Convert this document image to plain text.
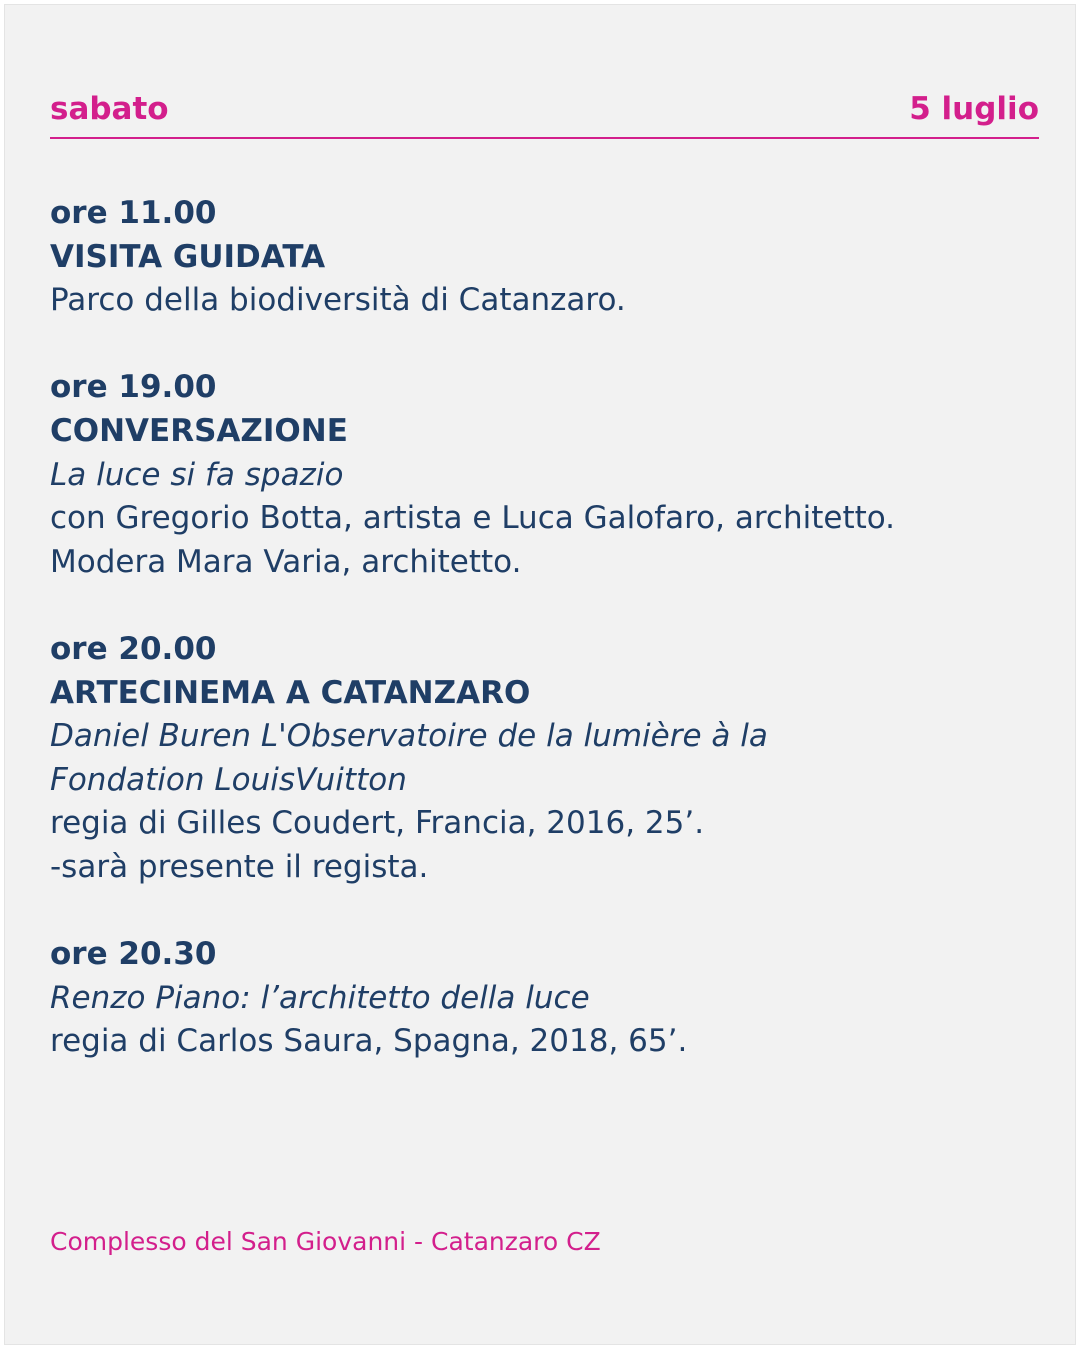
sabato	5 luglio
ore 11.00
VISITA GUIDATA
Parco della biodiversità di Catanzaro.
ore 19.00
CONVERSAZIONE
La luce si fa spazio
con Gregorio Botta, artista e Luca Galofaro, architetto.
Modera Mara Varia, architetto.
ore 20.00
ARTECINEMA A CATANZARO
Daniel Buren L'Observatoire de la lumière à la
Fondation LouisVuitton
regia di Gilles Coudert, Francia, 2016, 25’.
-sarà presente il regista.
ore 20.30
Renzo Piano: l’architetto della luce
regia di Carlos Saura, Spagna, 2018, 65’.
Complesso del San Giovanni - Catanzaro CZ
